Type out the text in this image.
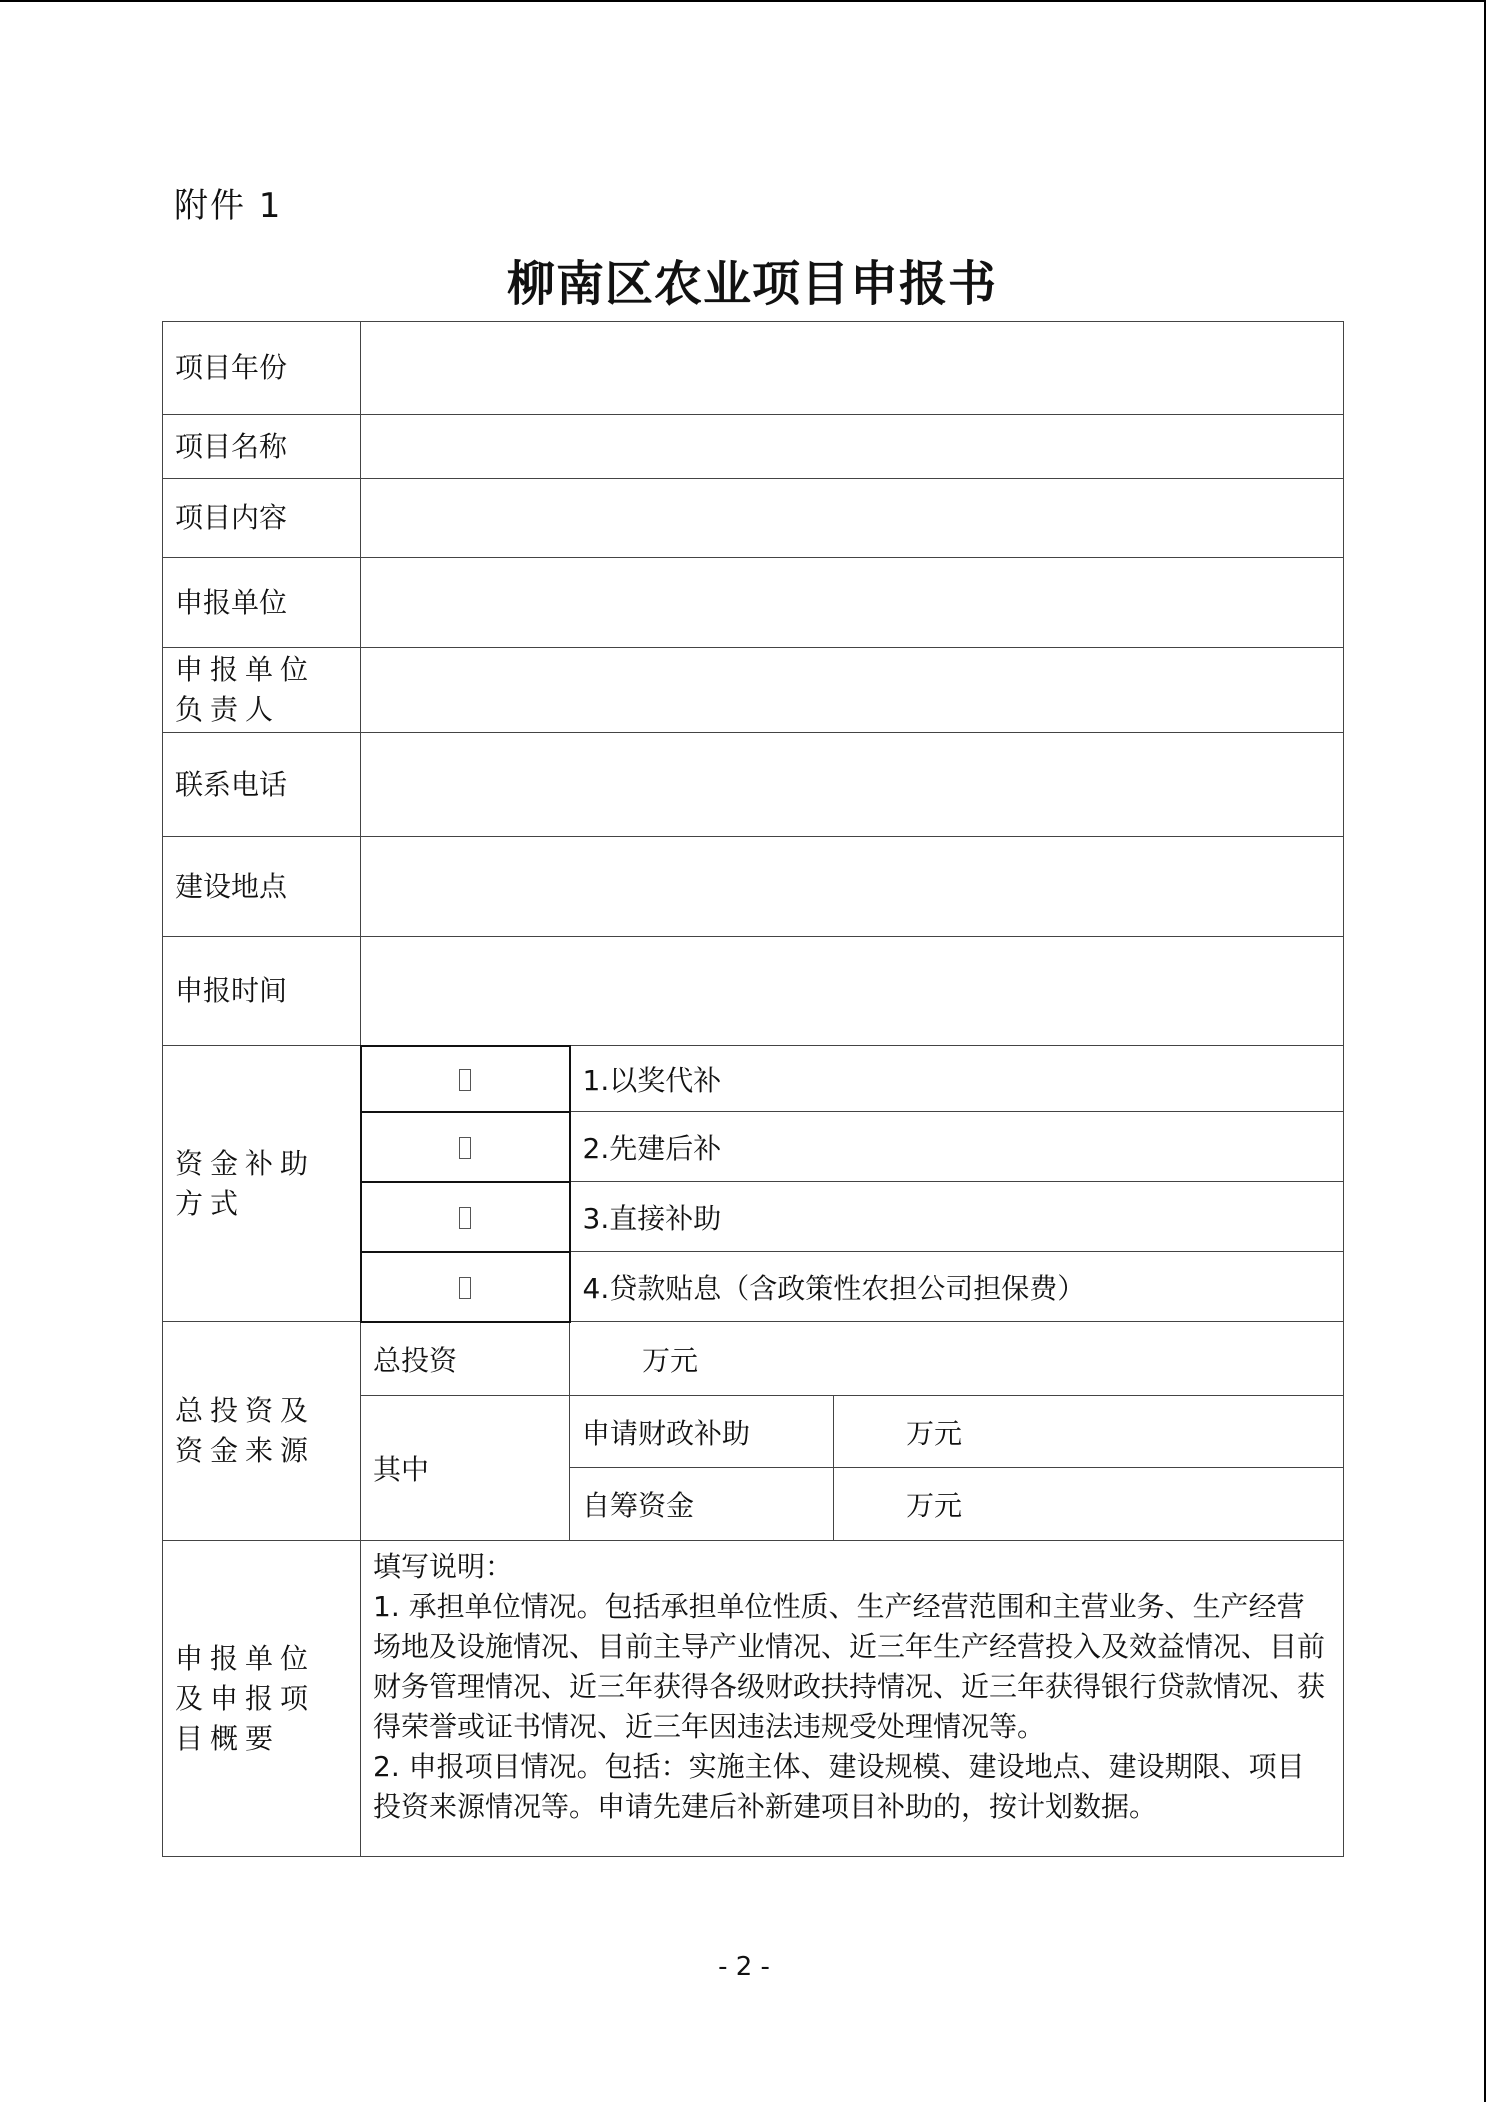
附件 1
柳南区农业项目申报书
项目年份			
项目名称			
项目内容			
申报单位			
申报单位负责人			
联系电话			
建设地点			
申报时间			
资金补助方式		1.以奖代补	
		2.先建后补	
		3.直接补助	
		4.贷款贴息（含政策性农担公司担保费）	
总投资及资金来源	总投资	万元	
	其中	申请财政补助	万元
		自筹资金	万元
申报单位及申报项目概要	填写说明：

1. 承担单位情况。包括承担单位性质、生产经营范围和主营业务、生产经营场地及设施情况、目前主导产业情况、近三年生产经营投入及效益情况、目前财务管理情况、近三年获得各级财政扶持情况、近三年获得银行贷款情况、获得荣誉或证书情况、近三年因违法违规受处理情况等。

2. 申报项目情况。包括：实施主体、建设规模、建设地点、建设期限、项目投资来源情况等。申请先建后补新建项目补助的，按计划数据。		

- 2 -
